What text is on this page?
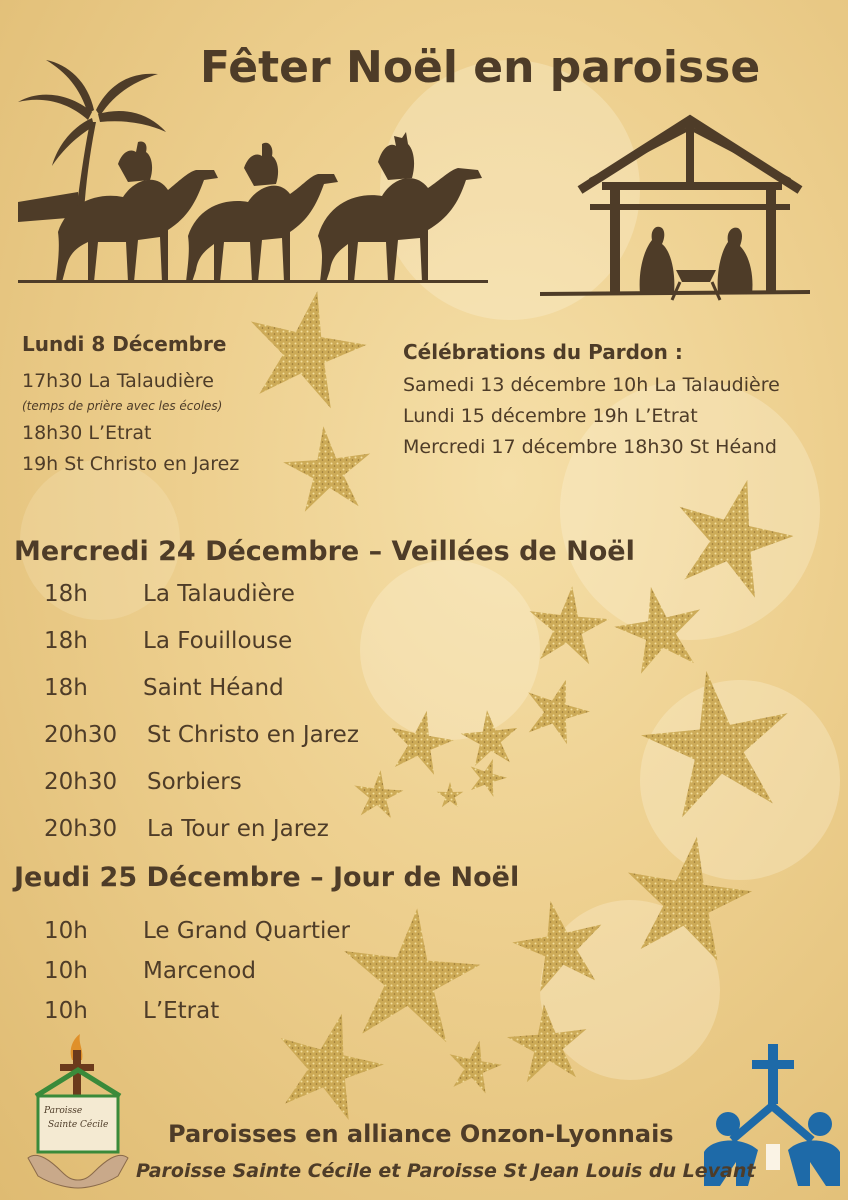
Fêter Noël en paroisse
Lundi 8 Décembre
17h30 La Talaudière
(temps de prière avec les écoles)
18h30 L’Etrat
19h St Christo en Jarez
Célébrations du Pardon :
Samedi 13 décembre 10h La Talaudière
Lundi 15 décembre 19h L’Etrat
Mercredi 17 décembre 18h30 St Héand
Mercredi 24 Décembre – Veillées de Noël
18h La Talaudière
18h La Fouillouse
18h Saint Héand
20h30 St Christo en Jarez
20h30 Sorbiers
20h30 La Tour en Jarez
Jeudi 25 Décembre – Jour de Noël
10h Le Grand Quartier
10h Marcenod
10h L’Etrat
Paroisse
Sainte Cécile Paroisses en alliance Onzon-Lyonnais
Paroisse Sainte Cécile et Paroisse St Jean Louis du Levant
